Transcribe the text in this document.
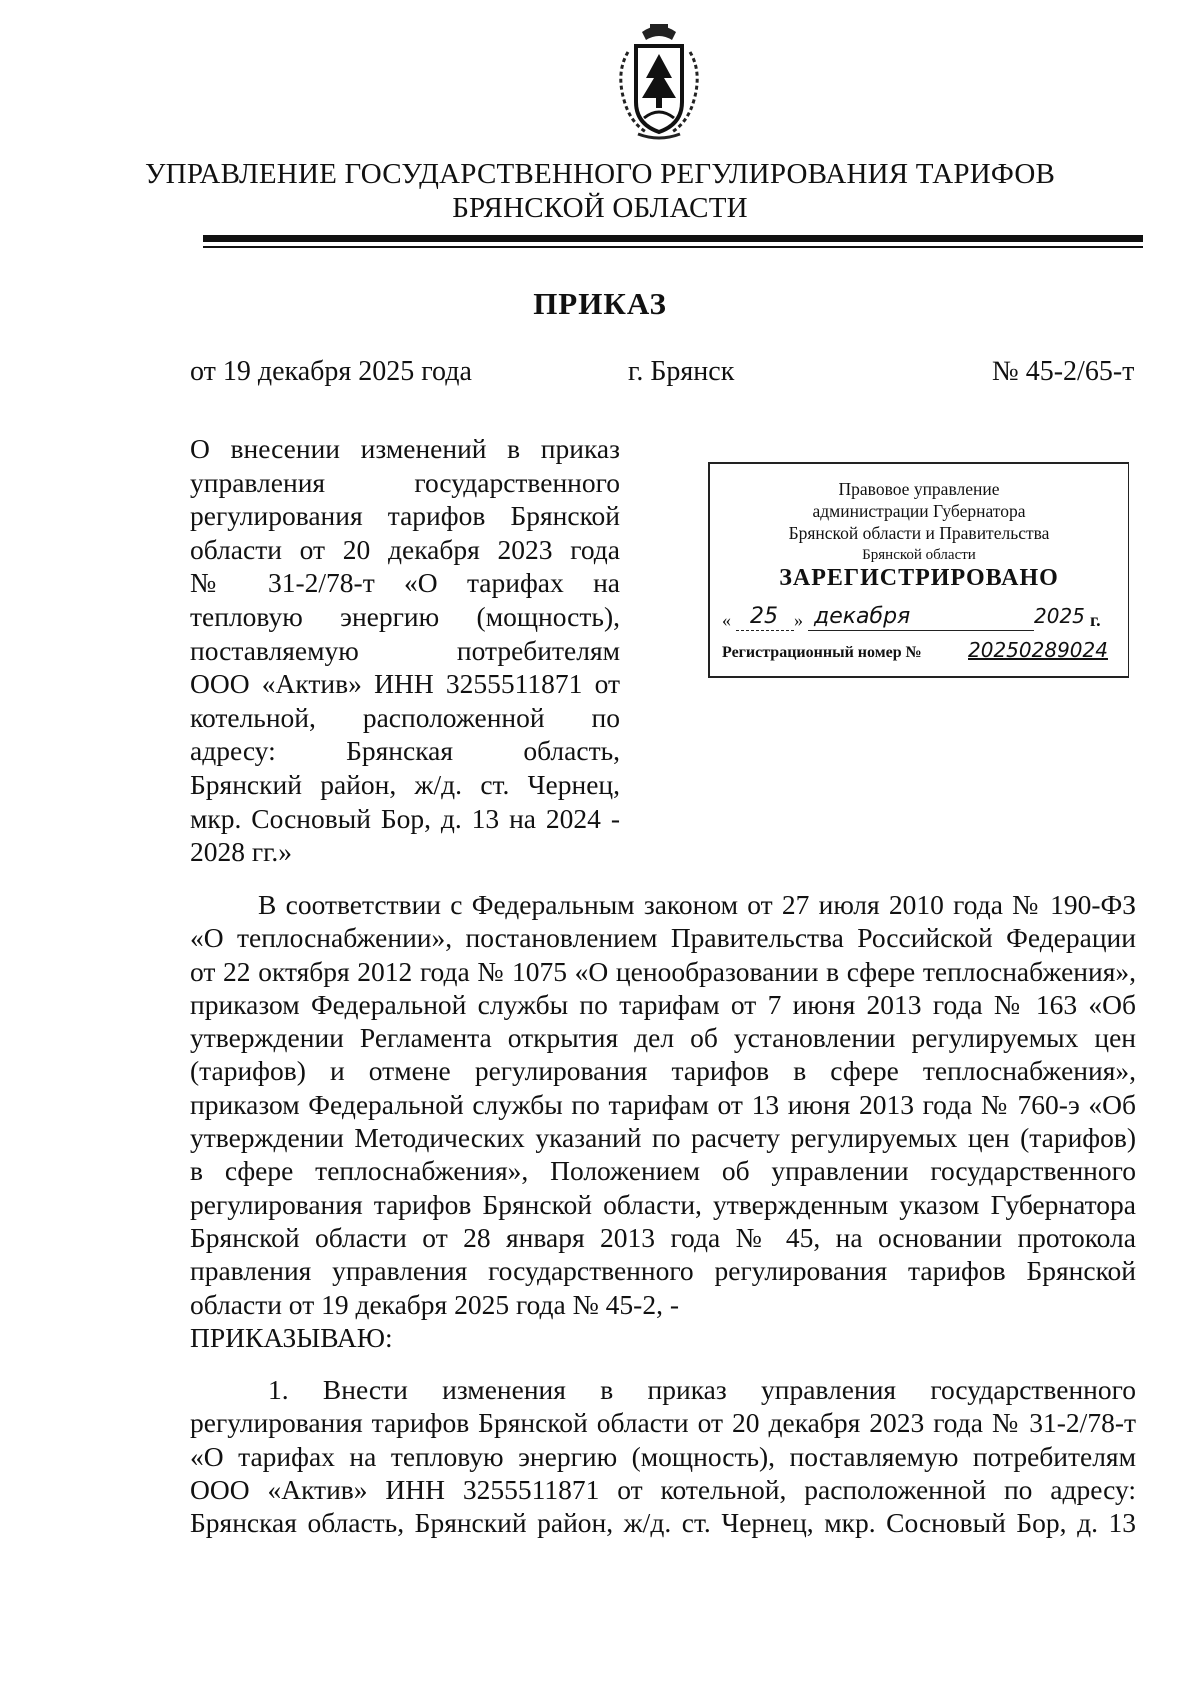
УПРАВЛЕНИЕ ГОСУДАРСТВЕННОГО РЕГУЛИРОВАНИЯ ТАРИФОВ
БРЯНСКОЙ ОБЛАСТИ
ПРИКАЗ
от 19 декабря 2025 года	г. Брянск	№ 45-2/65-т
О внесении изменений в приказ
управления государственного
регулирования тарифов Брянской
области от 20 декабря 2023 года
№ 31-2/78-т «О тарифах на
тепловую энергию (мощность),
поставляемую потребителям
ООО «Актив» ИНН 3255511871 от
котельной, расположенной по
адресу: Брянская область,
Брянский район, ж/д. ст. Чернец,
мкр. Сосновый Бор, д. 13 на 2024 -
2028 гг.»
Правовое управление
администрации Губернатора
Брянской области и Правительства
Брянской области
ЗАРЕГИСТРИРОВАНО
« 25 » декабря	2025 г.
Регистрационный номер № 20250289024
В соответствии с Федеральным законом от 27 июля 2010 года № 190-ФЗ
«О теплоснабжении», постановлением Правительства Российской Федерации
от 22 октября 2012 года № 1075 «О ценообразовании в сфере теплоснабжения»,
приказом Федеральной службы по тарифам от 7 июня 2013 года № 163 «Об
утверждении Регламента открытия дел об установлении регулируемых цен
(тарифов) и отмене регулирования тарифов в сфере теплоснабжения»,
приказом Федеральной службы по тарифам от 13 июня 2013 года № 760-э «Об
утверждении Методических указаний по расчету регулируемых цен (тарифов)
в сфере теплоснабжения», Положением об управлении государственного
регулирования тарифов Брянской области, утвержденным указом Губернатора
Брянской области от 28 января 2013 года № 45, на основании протокола
правления управления государственного регулирования тарифов Брянской
области от 19 декабря 2025 года № 45-2, -
ПРИКАЗЫВАЮ:
1. Внести изменения в приказ управления государственного
регулирования тарифов Брянской области от 20 декабря 2023 года № 31-2/78-т
«О тарифах на тепловую энергию (мощность), поставляемую потребителям
ООО «Актив» ИНН 3255511871 от котельной, расположенной по адресу:
Брянская область, Брянский район, ж/д. ст. Чернец, мкр. Сосновый Бор, д. 13
